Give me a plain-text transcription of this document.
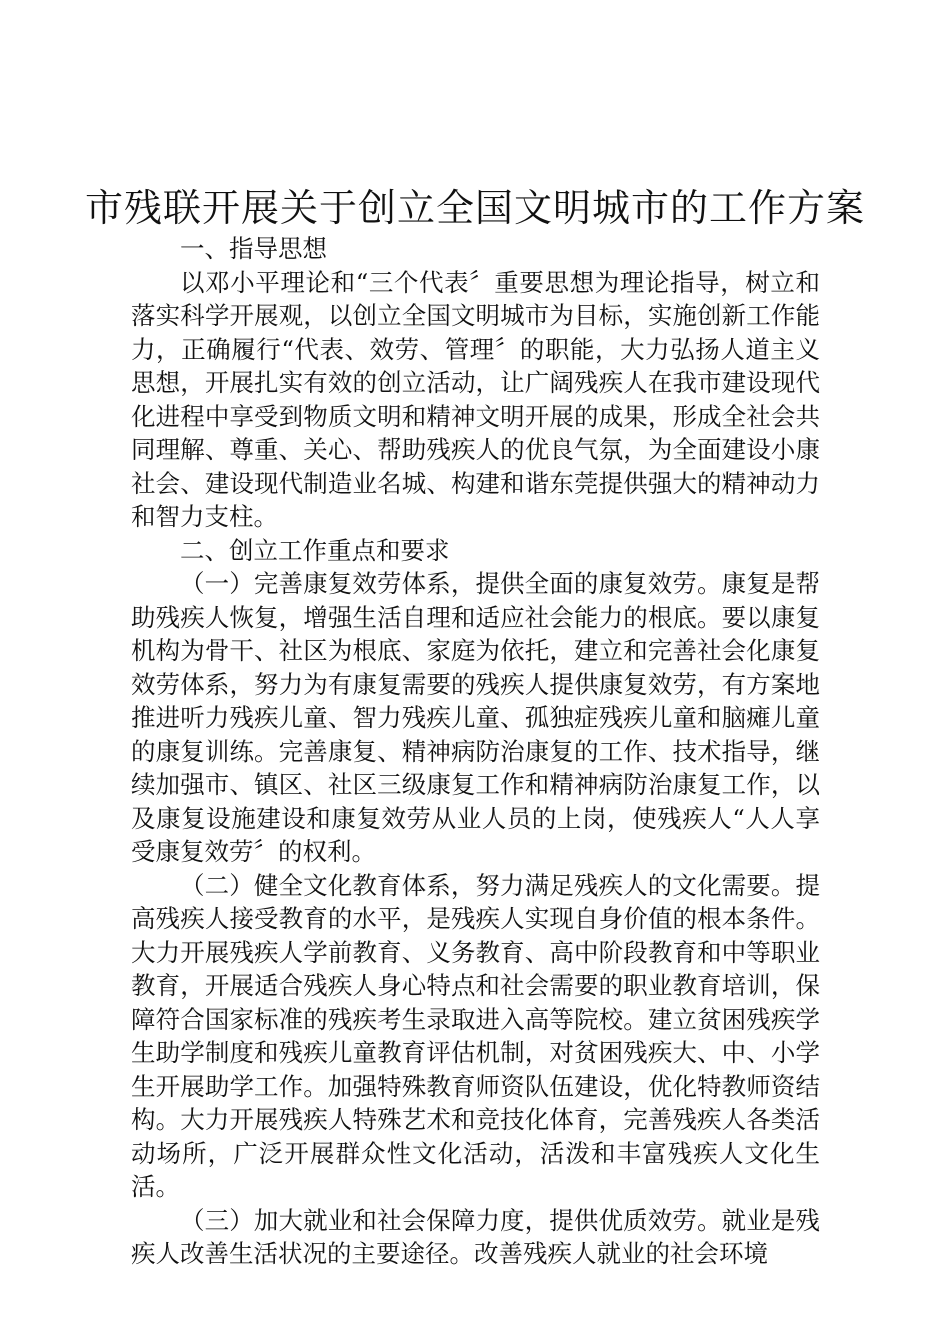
市残联开展关于创立全国文明城市的工作方案

一、指导思想

以邓小平理论和“三个代表〞重要思想为理论指导，树立和落实科学开展观，以创立全国文明城市为目标，实施创新工作能力，正确履行“代表、效劳、管理〞的职能，大力弘扬人道主义思想，开展扎实有效的创立活动，让广阔残疾人在我市建设现代化进程中享受到物质文明和精神文明开展的成果，形成全社会共同理解、尊重、关心、帮助残疾人的优良气氛，为全面建设小康社会、建设现代制造业名城、构建和谐东莞提供强大的精神动力和智力支柱。

二、创立工作重点和要求

（一）完善康复效劳体系，提供全面的康复效劳。康复是帮助残疾人恢复，增强生活自理和适应社会能力的根底。要以康复机构为骨干、社区为根底、家庭为依托，建立和完善社会化康复效劳体系，努力为有康复需要的残疾人提供康复效劳，有方案地推进听力残疾儿童、智力残疾儿童、孤独症残疾儿童和脑瘫儿童的康复训练。完善康复、精神病防治康复的工作、技术指导，继续加强市、镇区、社区三级康复工作和精神病防治康复工作，以及康复设施建设和康复效劳从业人员的上岗，使残疾人“人人享受康复效劳〞的权利。

（二）健全文化教育体系，努力满足残疾人的文化需要。提高残疾人接受教育的水平，是残疾人实现自身价值的根本条件。大力开展残疾人学前教育、义务教育、高中阶段教育和中等职业教育，开展适合残疾人身心特点和社会需要的职业教育培训，保障符合国家标准的残疾考生录取进入高等院校。建立贫困残疾学生助学制度和残疾儿童教育评估机制，对贫困残疾大、中、小学生开展助学工作。加强特殊教育师资队伍建设，优化特教师资结构。大力开展残疾人特殊艺术和竞技化体育，完善残疾人各类活动场所，广泛开展群众性文化活动，活泼和丰富残疾人文化生活。

（三）加大就业和社会保障力度，提供优质效劳。就业是残疾人改善生活状况的主要途径。改善残疾人就业的社会环境
